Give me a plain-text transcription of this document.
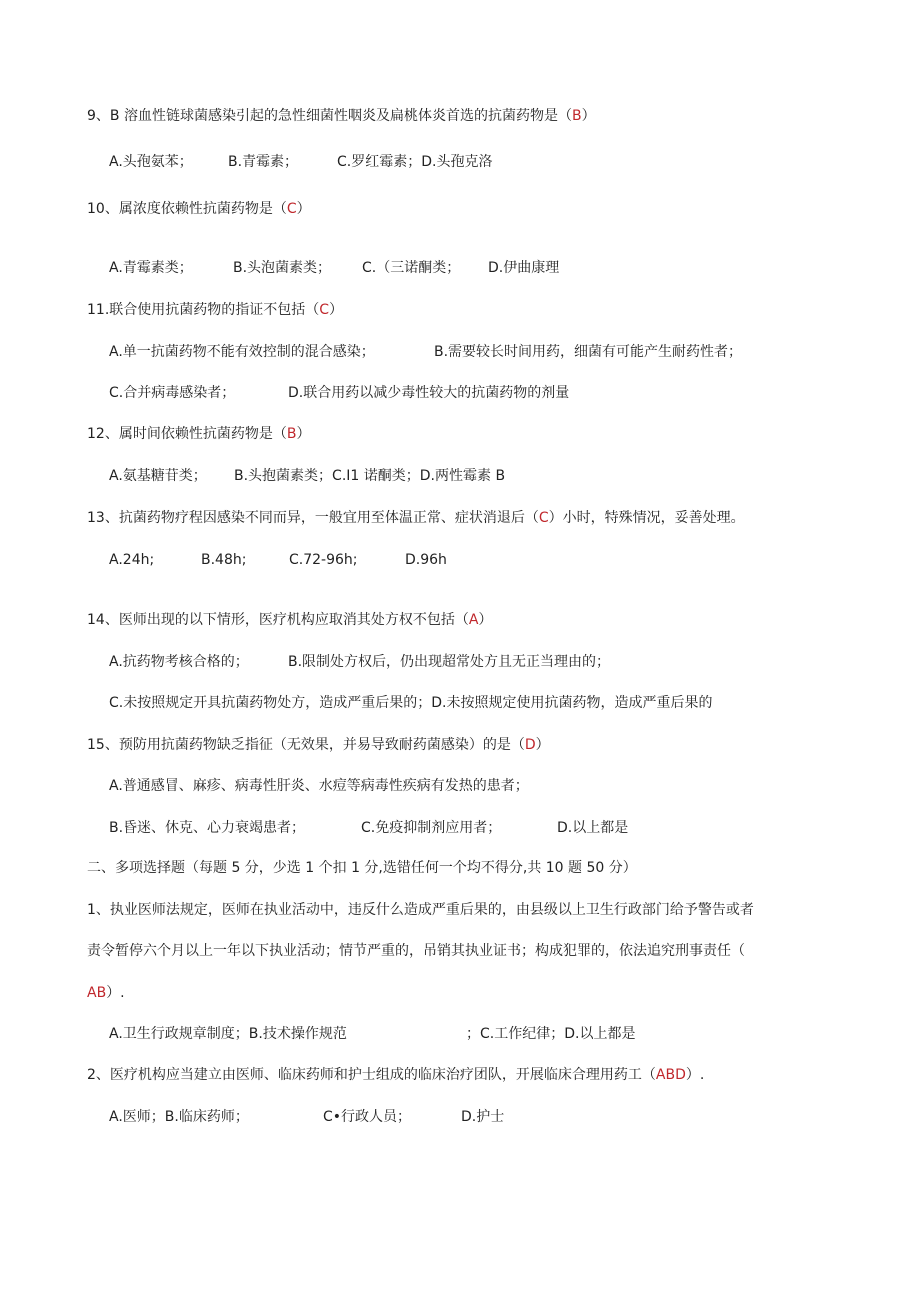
9、B 溶血性链球菌感染引起的急性细菌性咽炎及扁桃体炎首选的抗菌药物是（B）
A.头孢氨苯；	B.青霉素；	C.罗红霉素；D.头孢克洛
10、属浓度依赖性抗菌药物是（C）
A.青霉素类；	B.头泡菌素类； C.（三诺酮类； D.伊曲康理
11.联合使用抗菌药物的指证不包括（C）
A.单一抗菌药物不能有效控制的混合感染；	B.需要较长时间用药，细菌有可能产生耐药性者；
C.合并病毒感染者；	D.联合用药以减少毒性较大的抗菌药物的剂量
12、属时间依赖性抗菌药物是（B）
A.氨基糖苷类； B.头抱菌素类；C.I1 诺酮类；D.两性霉素 B
13、抗菌药物疗程因感染不同而异，一般宜用至体温正常、症状消退后（C）小时，特殊情况，妥善处理。
A.24h;	B.48h;	C.72-96h;	D.96h
14、医师出现的以下情形，医疗机构应取消其处方权不包括（A）
A.抗药物考核合格的；	B.限制处方权后，仍出现超常处方且无正当理由的；
C.未按照规定开具抗菌药物处方，造成严重后果的；D.未按照规定使用抗菌药物，造成严重后果的
15、预防用抗菌药物缺乏指征（无效果，并易导致耐药菌感染）的是（D）
A.普通感冒、麻疹、病毒性肝炎、水痘等病毒性疾病有发热的患者；
B.昏迷、休克、心力衰竭患者；	C.免疫抑制剂应用者；	D.以上都是
二、多项选择题（每题 5 分，少选 1 个扣 1 分,选错任何一个均不得分,共 10 题 50 分）
1、执业医师法规定，医师在执业活动中，违反什么造成严重后果的，由县级以上卫生行政部门给予警告或者
责令暂停六个月以上一年以下执业活动；情节严重的，吊销其执业证书；构成犯罪的，依法追究刑事责任（
AB）.
A.卫生行政规章制度；B.技术操作规范	；C.工作纪律；D.以上都是
2、医疗机构应当建立由医师、临床药师和护士组成的临床治疗团队，开展临床合理用药工（ABD）.
A.医师；B.临床药师；	C•行政人员；	D.护士
